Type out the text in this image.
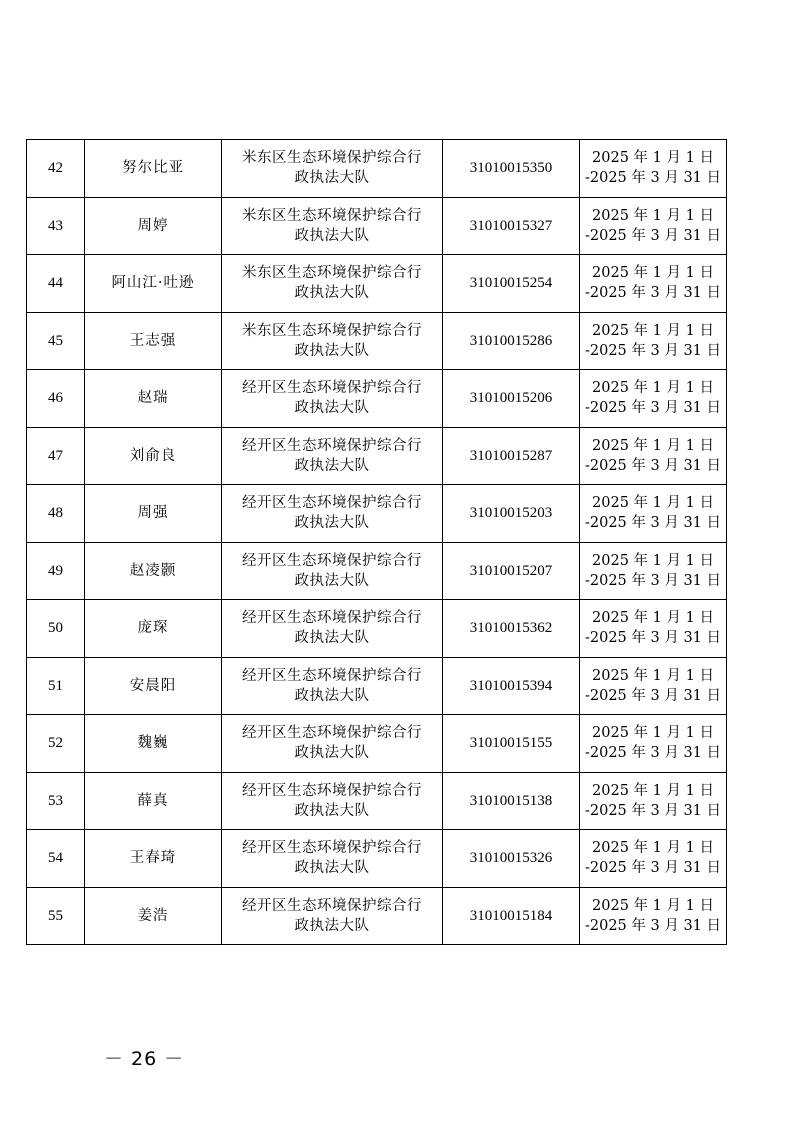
42	努尔比亚	米东区生态环境保护综合行
政执法大队	31010015350	2025 年 1 月 1 日
-2025 年 3 月 31 日

43	周婷	米东区生态环境保护综合行
政执法大队	31010015327	2025 年 1 月 1 日
-2025 年 3 月 31 日

44	阿山江·吐逊	米东区生态环境保护综合行
政执法大队	31010015254	2025 年 1 月 1 日
-2025 年 3 月 31 日

45	王志强	米东区生态环境保护综合行
政执法大队	31010015286	2025 年 1 月 1 日
-2025 年 3 月 31 日

46	赵瑞	经开区生态环境保护综合行
政执法大队	31010015206	2025 年 1 月 1 日
-2025 年 3 月 31 日

47	刘俞良	经开区生态环境保护综合行
政执法大队	31010015287	2025 年 1 月 1 日
-2025 年 3 月 31 日

48	周强	经开区生态环境保护综合行
政执法大队	31010015203	2025 年 1 月 1 日
-2025 年 3 月 31 日

49	赵凌颢	经开区生态环境保护综合行
政执法大队	31010015207	2025 年 1 月 1 日
-2025 年 3 月 31 日

50	庞琛	经开区生态环境保护综合行
政执法大队	31010015362	2025 年 1 月 1 日
-2025 年 3 月 31 日

51	安晨阳	经开区生态环境保护综合行
政执法大队	31010015394	2025 年 1 月 1 日
-2025 年 3 月 31 日

52	魏巍	经开区生态环境保护综合行
政执法大队	31010015155	2025 年 1 月 1 日
-2025 年 3 月 31 日

53	薛真	经开区生态环境保护综合行
政执法大队	31010015138	2025 年 1 月 1 日
-2025 年 3 月 31 日

54	王春琦	经开区生态环境保护综合行
政执法大队	31010015326	2025 年 1 月 1 日
-2025 年 3 月 31 日

55	姜浩	经开区生态环境保护综合行
政执法大队	31010015184	2025 年 1 月 1 日
-2025 年 3 月 31 日
－ 26 －
